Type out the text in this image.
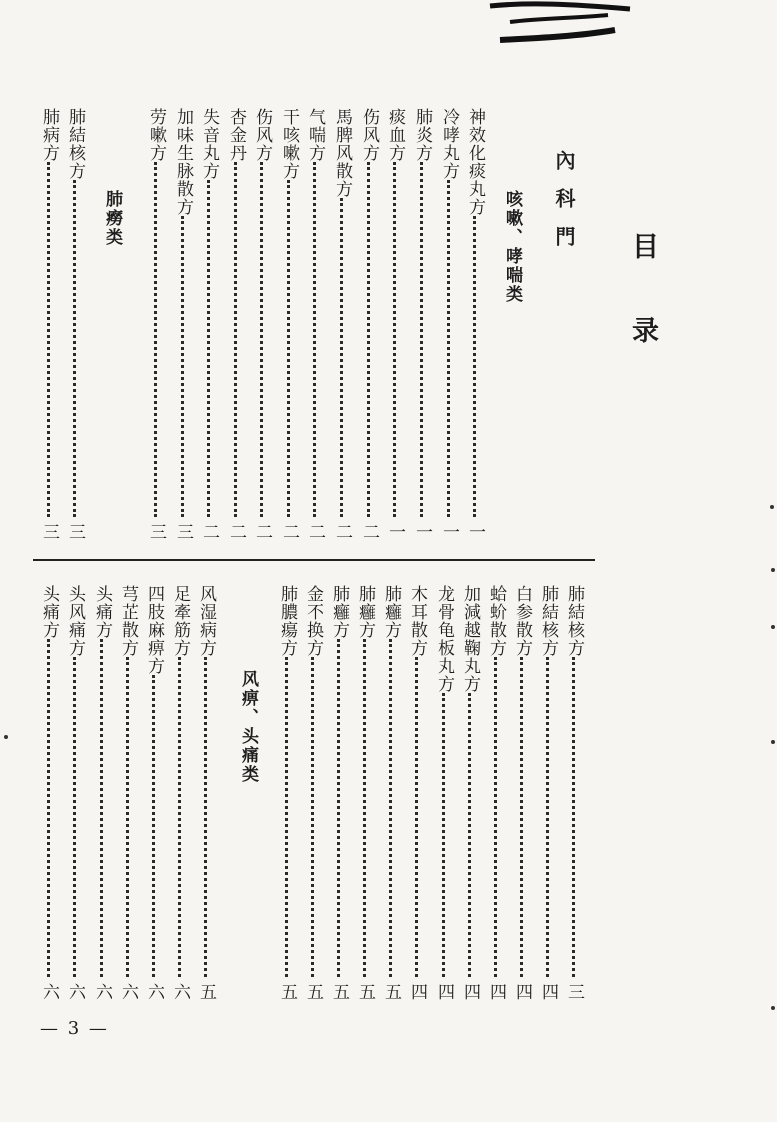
目
录
內科門
咳嗽、哮喘类
肺癆类
风痹、头痛类
神效化痰丸方
一
冷哮丸方
一
肺炎方
一
痰血方
一
伤风方
二
馬脾风散方
二
气喘方
二
干咳嗽方
二
伤风方
二
杏金丹
二
失音丸方
二
加味生脉散方
三
劳嗽方
三
肺結核方
三
肺病方
三
肺結核方
三
肺結核方
四
白参散方
四
蛤蚧散方
四
加減越鞠丸方
四
龙骨龟板丸方
四
木耳散方
四
肺癰方
五
肺癰方
五
肺癰方
五
金不换方
五
肺膿瘍方
五
风湿病方
五
足牽筋方
六
四肢麻痹方
六
芎芷散方
六
头痛方
六
头风痛方
六
头痛方
六
— 3 —
